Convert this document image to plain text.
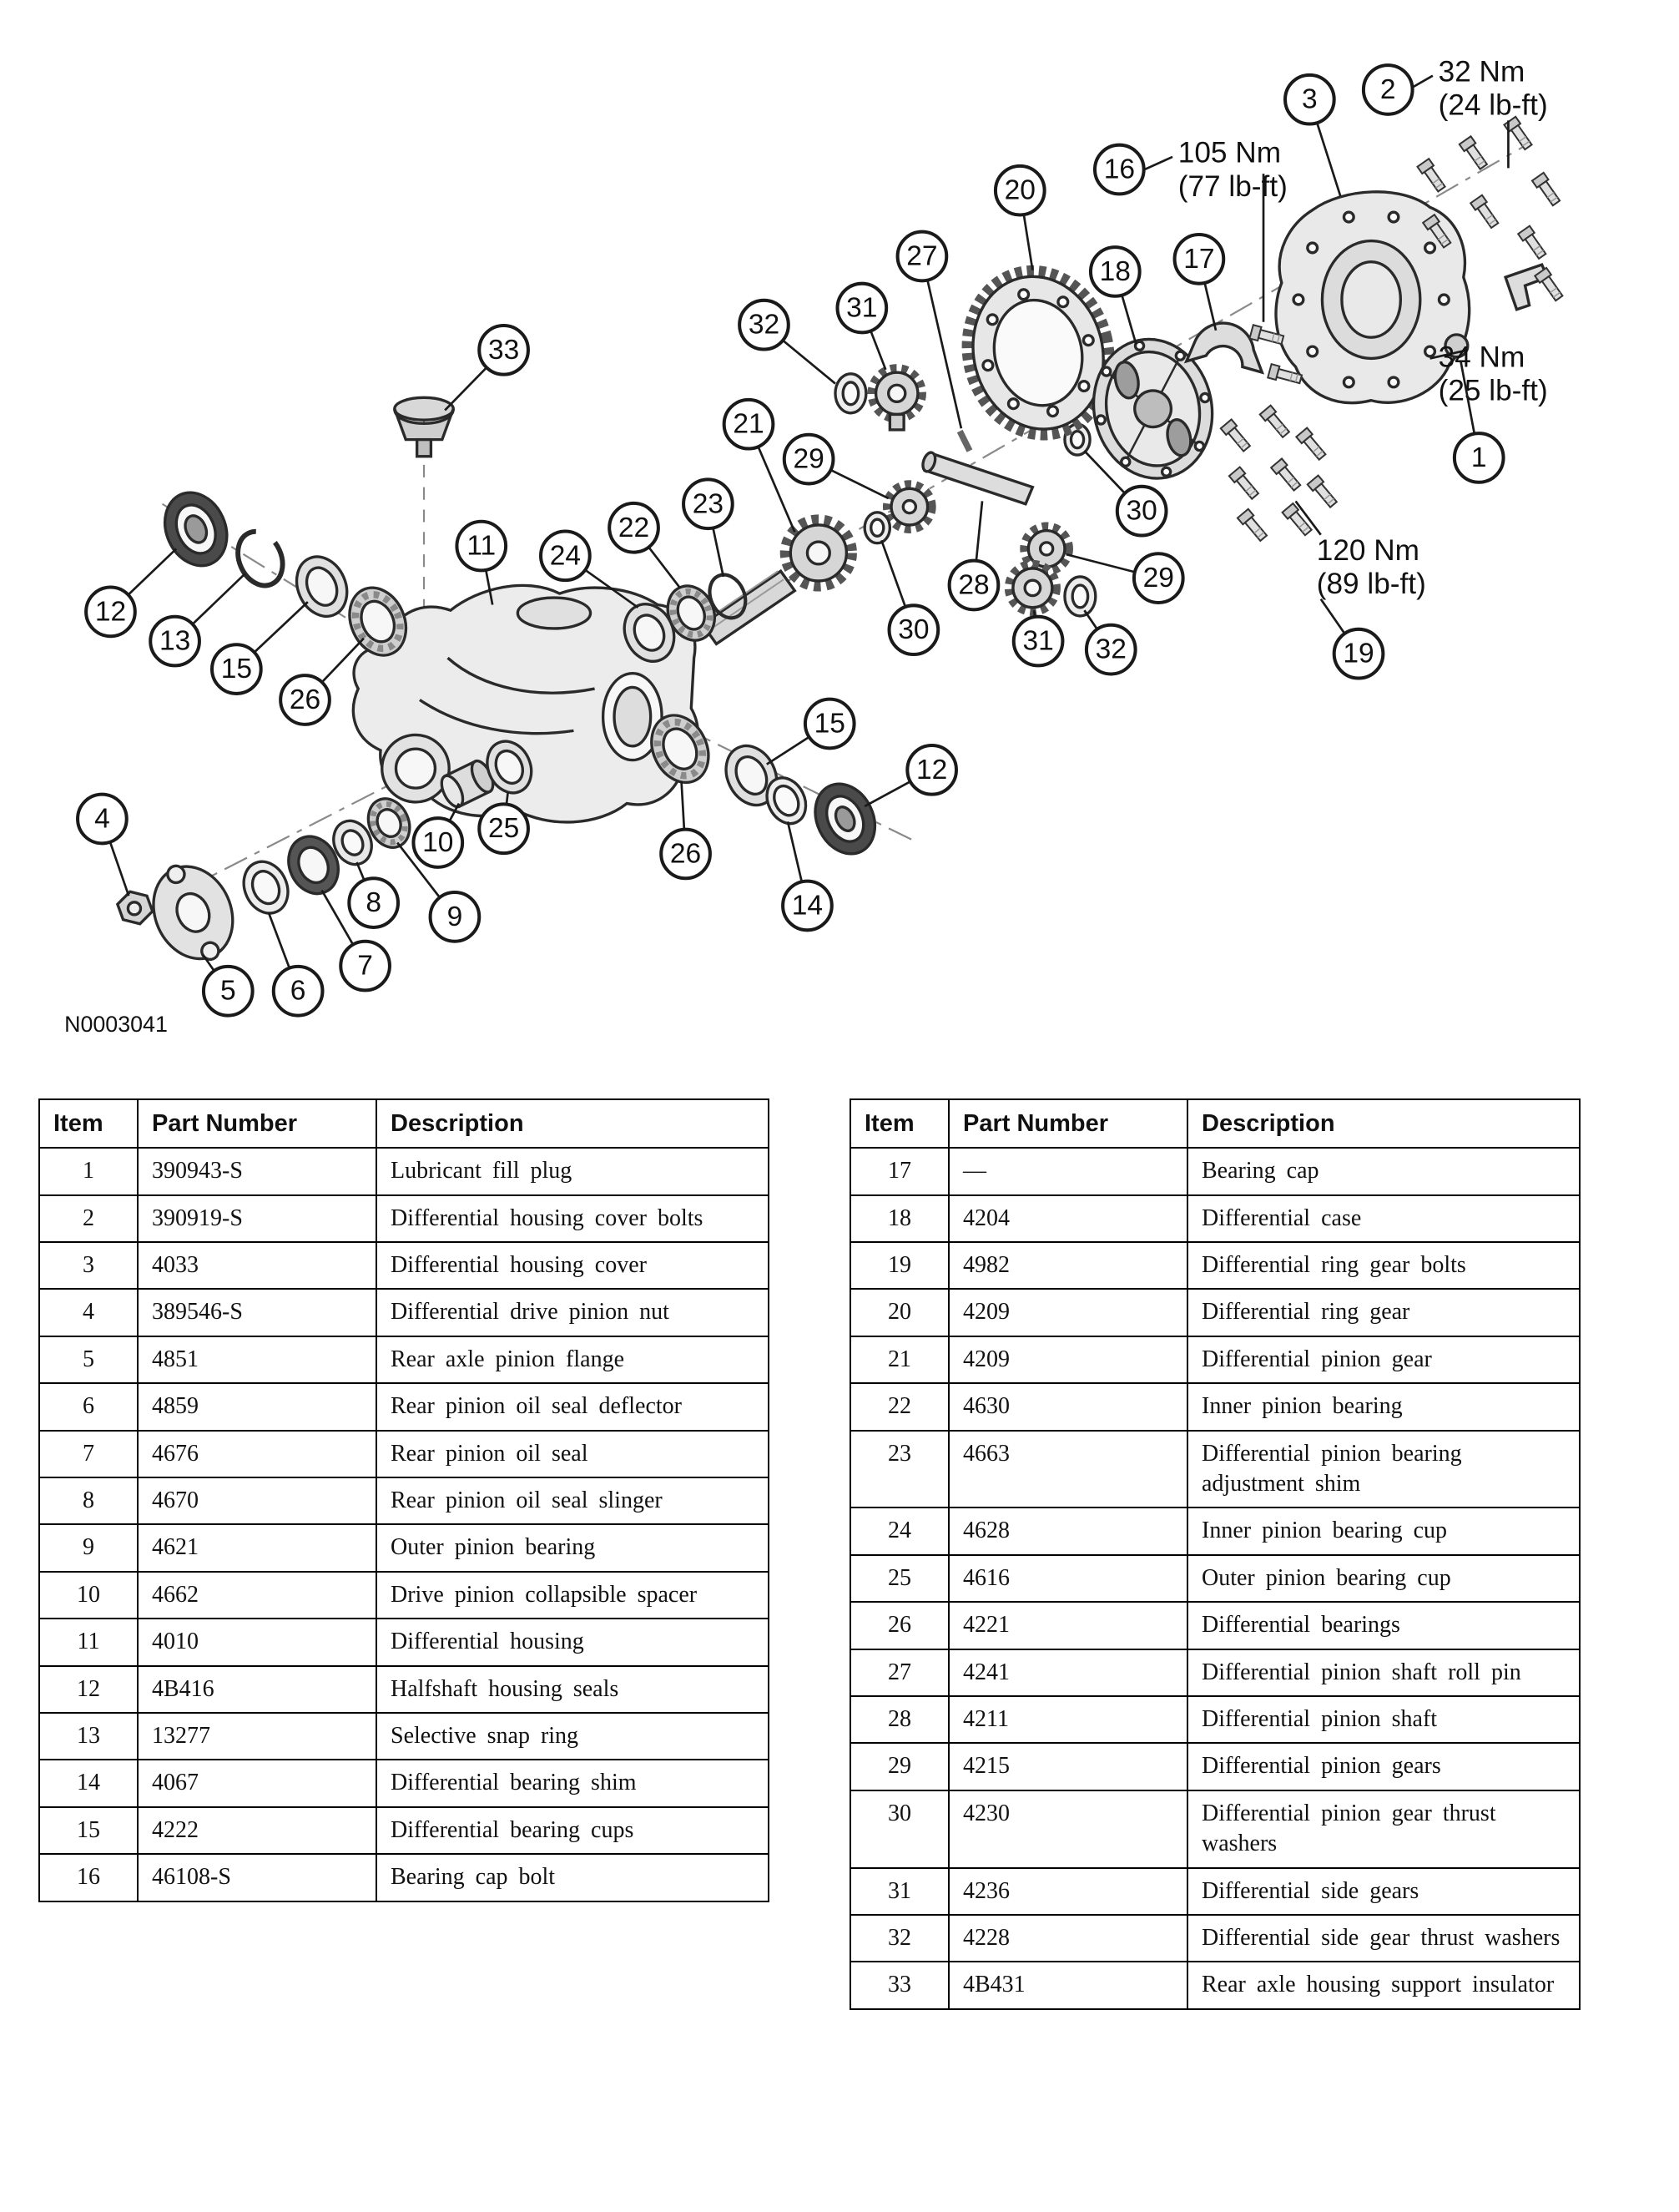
32 Nm (24 lb-ft)
105 Nm (77 lb-ft)
34 Nm (25 lb-ft)
120 Nm (89 lb-ft)
33
2
3
16
20
27	18	17
31
32
21
29	1
30
29
23
22
11	24
28
30	31 32	19
12
13
15
26
15
12
10 25
26
4
8	9	14
5	6
7
N0003041
Item	Part Number	Description
1	390943-S	Lubricant fill plug
2	390919-S	Differential housing cover bolts
3	4033	Differential housing cover
4	389546-S	Differential drive pinion nut
5	4851	Rear axle pinion flange
6	4859	Rear pinion oil seal deflector
7	4676	Rear pinion oil seal
8	4670	Rear pinion oil seal slinger
9	4621	Outer pinion bearing
10	4662	Drive pinion collapsible spacer
11	4010	Differential housing
12	4B416	Halfshaft housing seals
13	13277	Selective snap ring
14	4067	Differential bearing shim
15	4222	Differential bearing cups
16	46108-S	Bearing cap bolt
Item	Part Number	Description
17	—	Bearing cap
18	4204	Differential case
19	4982	Differential ring gear bolts
20	4209	Differential ring gear
21	4209	Differential pinion gear
22	4630	Inner pinion bearing
23	4663	Differential pinion bearing adjustment shim
24	4628	Inner pinion bearing cup
25	4616	Outer pinion bearing cup
26	4221	Differential bearings
27	4241	Differential pinion shaft roll pin
28	4211	Differential pinion shaft
29	4215	Differential pinion gears
30	4230	Differential pinion gear thrust washers
31	4236	Differential side gears
32	4228	Differential side gear thrust washers
33	4B431	Rear axle housing support insulator
